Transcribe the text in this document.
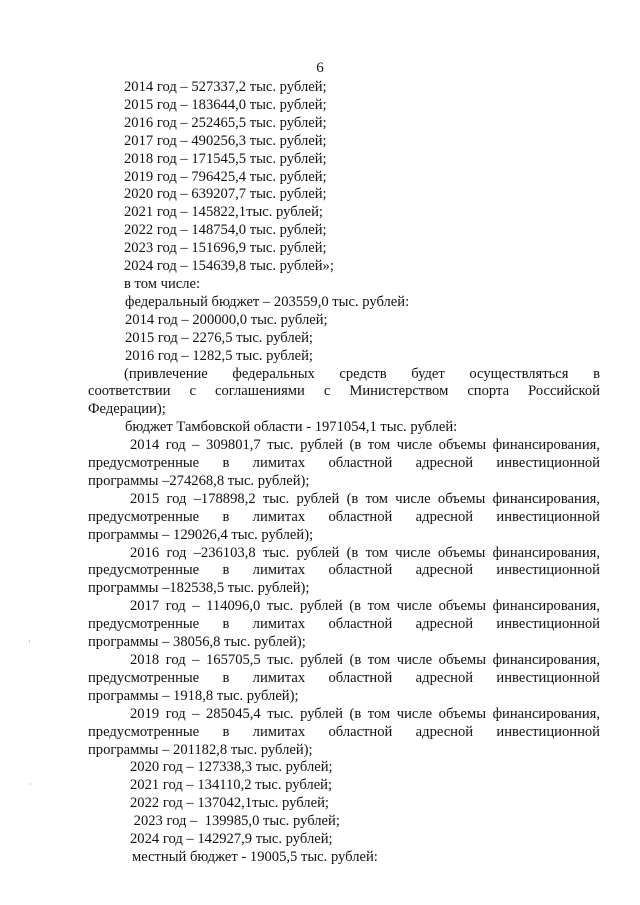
6
2014 год – 527337,2 тыс. рублей;
2015 год – 183644,0 тыс. рублей;
2016 год – 252465,5 тыс. рублей;
2017 год – 490256,3 тыс. рублей;
2018 год – 171545,5 тыс. рублей;
2019 год – 796425,4 тыс. рублей;
2020 год – 639207,7 тыс. рублей;
2021 год – 145822,1тыс. рублей;
2022 год – 148754,0 тыс. рублей;
2023 год – 151696,9 тыс. рублей;
2024 год – 154639,8 тыс. рублей»;
в том числе:
федеральный бюджет – 203559,0 тыс. рублей:
2014 год – 200000,0 тыс. рублей;
2015 год – 2276,5 тыс. рублей;
2016 год – 1282,5 тыс. рублей;
(привлечение федеральных средств будет осуществляться в
соответствии с соглашениями с Министерством спорта Российской
Федерации);
бюджет Тамбовской области - 1971054,1 тыс. рублей:
2014 год – 309801,7 тыс. рублей (в том числе объемы финансирования,
предусмотренные в лимитах областной адресной инвестиционной
программы –274268,8 тыс. рублей);
2015 год –178898,2 тыс. рублей (в том числе объемы финансирования,
предусмотренные в лимитах областной адресной инвестиционной
программы – 129026,4 тыс. рублей);
2016 год –236103,8 тыс. рублей (в том числе объемы финансирования,
предусмотренные в лимитах областной адресной инвестиционной
программы –182538,5 тыс. рублей);
2017 год – 114096,0 тыс. рублей (в том числе объемы финансирования,
предусмотренные в лимитах областной адресной инвестиционной
программы – 38056,8 тыс. рублей);
2018 год – 165705,5 тыс. рублей (в том числе объемы финансирования,
предусмотренные в лимитах областной адресной инвестиционной
программы – 1918,8 тыс. рублей);
2019 год – 285045,4 тыс. рублей (в том числе объемы финансирования,
предусмотренные в лимитах областной адресной инвестиционной
программы – 201182,8 тыс. рублей);
2020 год – 127338,3 тыс. рублей;
2021 год – 134110,2 тыс. рублей;
2022 год – 137042,1тыс. рублей;
2023 год –  139985,0 тыс. рублей;
2024 год – 142927,9 тыс. рублей;
местный бюджет - 19005,5 тыс. рублей:
